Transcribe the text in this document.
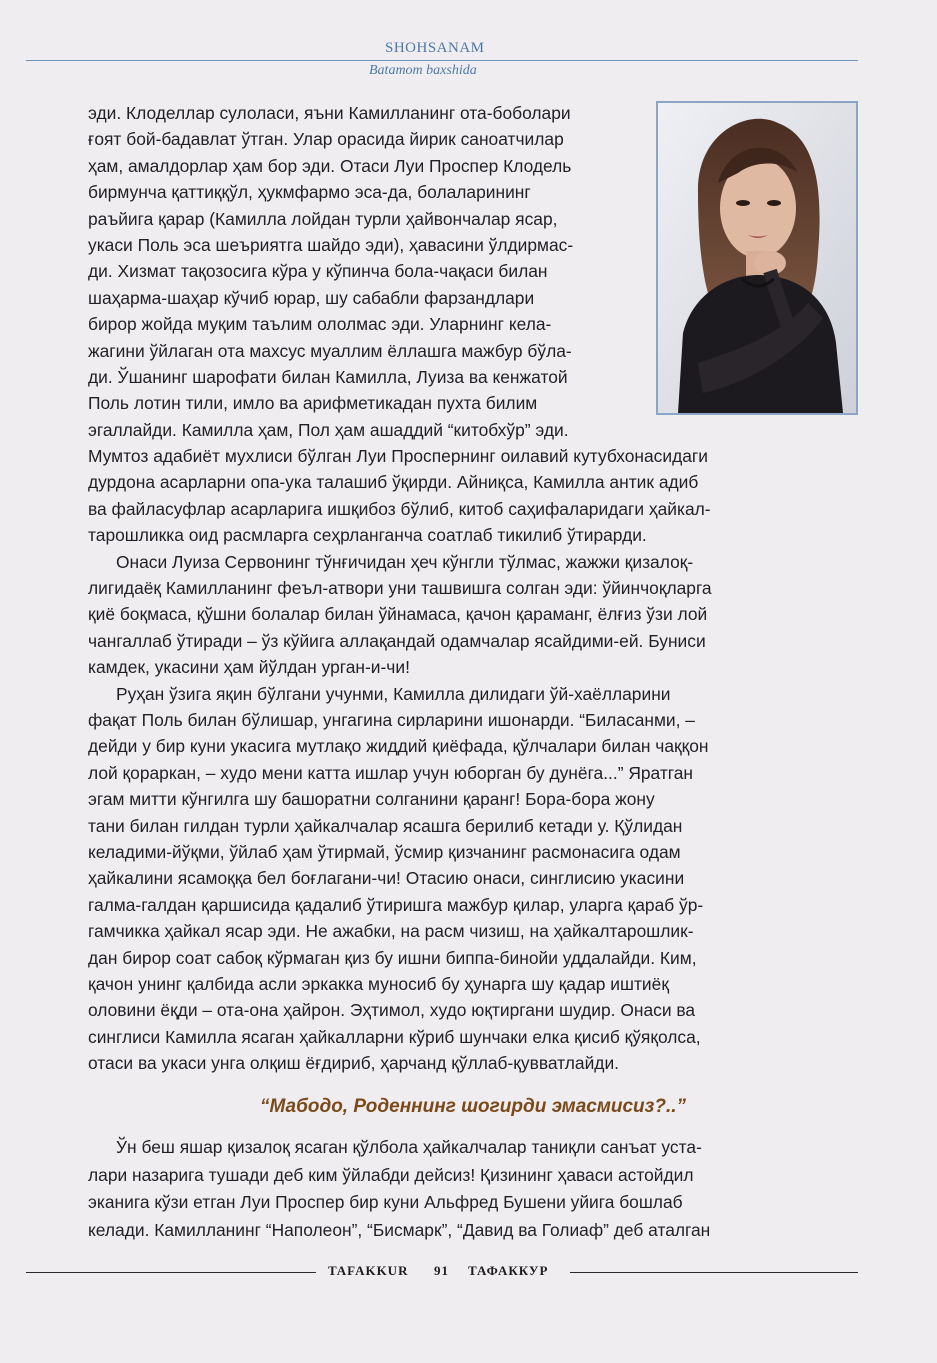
SHOHSANAM
Batamom baxshida
эди. Клоделлар сулоласи, яъни Камилланинг ота-боболари
ғоят бой-бадавлат ўтган. Улар орасида йирик саноатчилар
ҳам, амалдорлар ҳам бор эди. Отаси Луи Проспер Клодель
бирмунча қаттиққўл, ҳукмфармо эса-да, болаларининг
раъйига қарар (Камилла лойдан турли ҳайвончалар ясар,
укаси Поль эса шеъриятга шайдо эди), ҳавасини ўлдирмас-
ди. Хизмат тақозосига кўра у кўпинча бола-чақаси билан
шаҳарма-шаҳар кўчиб юрар, шу сабабли фарзандлари
бирор жойда муқим таълим ололмас эди. Уларнинг кела-
жагини ўйлаган ота махсус муаллим ёллашга мажбур бўла-
ди. Ўшанинг шарофати билан Камилла, Луиза ва кенжатой
Поль лотин тили, имло ва арифметикадан пухта билим
эгаллайди. Камилла ҳам, Пол ҳам ашаддий “китобхўр” эди.
Мумтоз адабиёт мухлиси бўлган Луи Проспернинг оилавий кутубхонасидаги
дурдона асарларни опа-ука талашиб ўқирди. Айниқса, Камилла антик адиб
ва файласуфлар асарларига ишқибоз бўлиб, китоб саҳифаларидаги ҳайкал-
тарошликка оид расмларга сеҳрланганча соатлаб тикилиб ўтирарди.
Онаси Луиза Сервонинг тўнғичидан ҳеч кўнгли тўлмас, жажжи қизалоқ-
лигидаёқ Камилланинг феъл-атвори уни ташвишга солган эди: ўйинчоқларга
қиё боқмаса, қўшни болалар билан ўйнамаса, қачон қараманг, ёлғиз ўзи лой
чангаллаб ўтиради – ўз кўйига аллақандай одамчалар ясайдими-ей. Буниси
камдек, укасини ҳам йўлдан урган-и-чи!
Руҳан ўзига яқин бўлгани учунми, Камилла дилидаги ўй-хаёлларини
фақат Поль билан бўлишар, унгагина сирларини ишонарди. “Биласанми, –
дейди у бир куни укасига мутлақо жиддий қиёфада, қўлчалари билан чаққон
лой қораркан, – худо мени катта ишлар учун юборган бу дунёга...” Яратган
эгам митти кўнгилга шу башоратни солганини қаранг! Бора-бора жону
тани билан гилдан турли ҳайкалчалар ясашга берилиб кетади у. Қўлидан
келадими-йўқми, ўйлаб ҳам ўтирмай, ўсмир қизчанинг расмонасига одам
ҳайкалини ясамоққа бел боғлагани-чи! Отасию онаси, синглисию укасини
галма-галдан қаршисида қадалиб ўтиришга мажбур қилар, уларга қараб ўр-
гамчикка ҳайкал ясар эди. Не ажабки, на расм чизиш, на ҳайкалтарошлик-
дан бирор соат сабоқ кўрмаган қиз бу ишни биппа-бинойи уддалайди. Ким,
қачон унинг қалбида асли эркакка муносиб бу ҳунарга шу қадар иштиёқ
оловини ёқди – ота-она ҳайрон. Эҳтимол, худо юқтиргани шудир. Онаси ва
синглиси Камилла ясаган ҳайкалларни кўриб шунчаки елка қисиб қўяқолса,
отаси ва укаси унга олқиш ёғдириб, ҳарчанд қўллаб-қувватлайди.
“Мабодо, Роденнинг шогирди эмасмисиз?..”
Ўн беш яшар қизалоқ ясаган қўлбола ҳайкалчалар таниқли санъат уста-
лари назарига тушади деб ким ўйлабди дейсиз! Қизининг ҳаваси астойдил
эканига кўзи етган Луи Проспер бир куни Альфред Бушени уйига бошлаб
келади. Камилланинг “Наполеон”, “Бисмарк”, “Давид ва Голиаф” деб аталган
TAFAKKUR 91 ТАФАККУР
